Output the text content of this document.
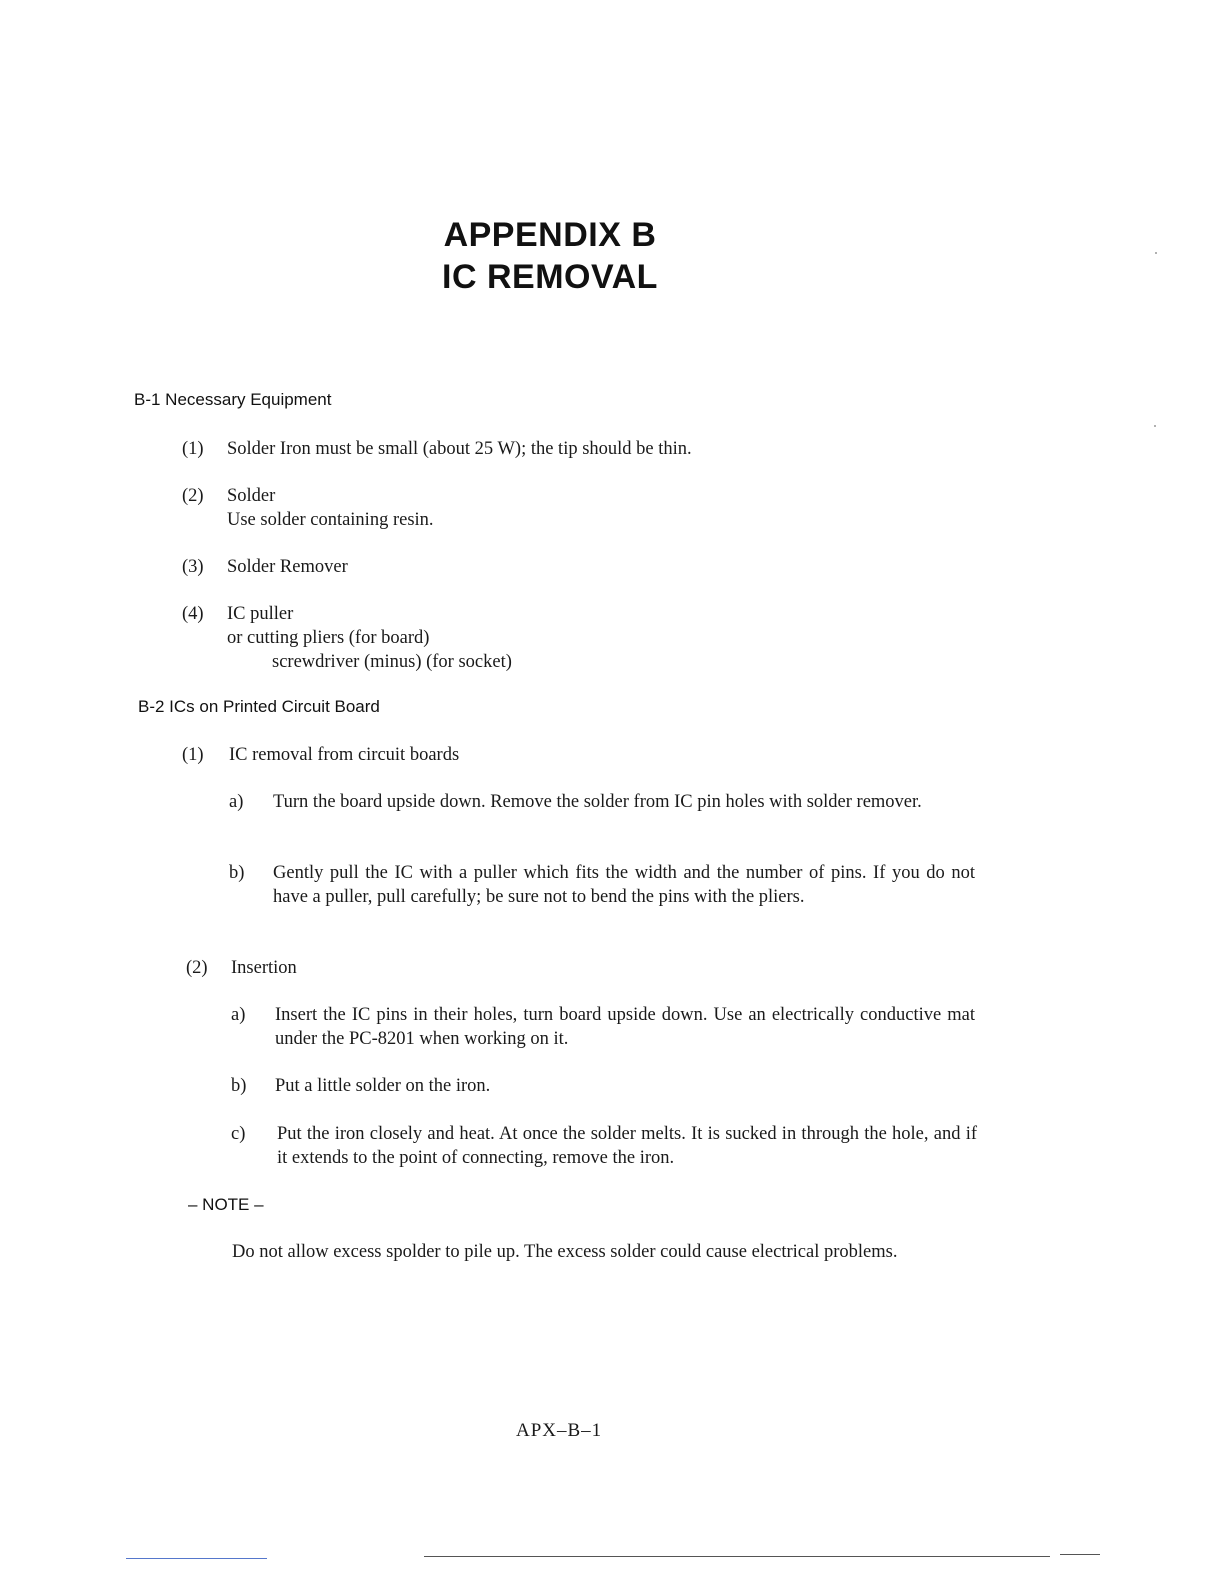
APPENDIX B
IC REMOVAL
B-1 Necessary Equipment
(1) Solder Iron must be small (about 25 W); the tip should be thin.
(2) Solder
Use solder containing resin.
(3) Solder Remover
(4) IC puller
or cutting pliers (for board)
screwdriver (minus) (for socket)
B-2 ICs on Printed Circuit Board
(1) IC removal from circuit boards
a) Turn the board upside down. Remove the solder from IC pin holes with solder remover.
b) Gently pull the IC with a puller which fits the width and the number of pins. If you do not have a puller, pull carefully; be sure not to bend the pins with the pliers.
(2) Insertion
a) Insert the IC pins in their holes, turn board upside down. Use an electrically conductive mat under the PC-8201 when working on it.
b) Put a little solder on the iron.
c) Put the iron closely and heat. At once the solder melts. It is sucked in through the hole, and if it extends to the point of connecting, remove the iron.
– NOTE –
Do not allow excess spolder to pile up. The excess solder could cause electrical problems.
APX–B–1
